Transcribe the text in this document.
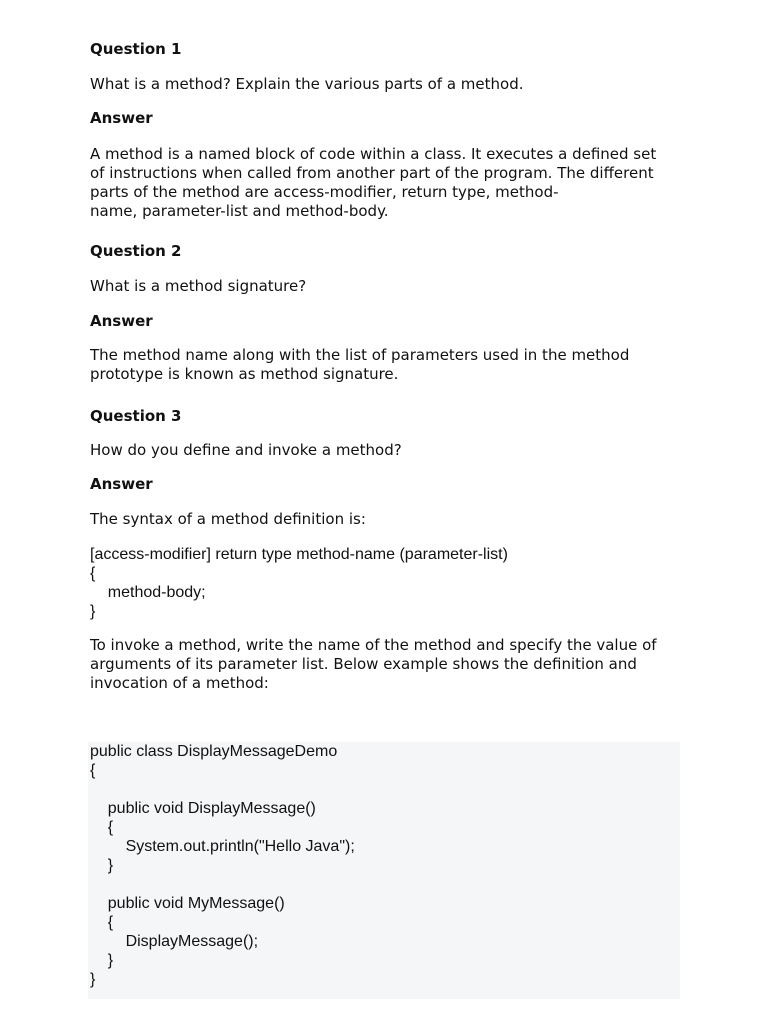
Question 1

What is a method? Explain the various parts of a method.

Answer

A method is a named block of code within a class. It executes a defined set

of instructions when called from another part of the program. The different

parts of the method are access-modifier, return type, method-

name, parameter-list and method-body.

Question 2

What is a method signature?

Answer

The method name along with the list of parameters used in the method

prototype is known as method signature.

Question 3

How do you define and invoke a method?

Answer

The syntax of a method definition is:

[access-modifier] return type method-name (parameter-list)

{

method-body;

}

To invoke a method, write the name of the method and specify the value of

arguments of its parameter list. Below example shows the definition and

invocation of a method:

public class DisplayMessageDemo

{

public void DisplayMessage()

{

System.out.println("Hello Java");

}

public void MyMessage()

{

DisplayMessage();

}

}
